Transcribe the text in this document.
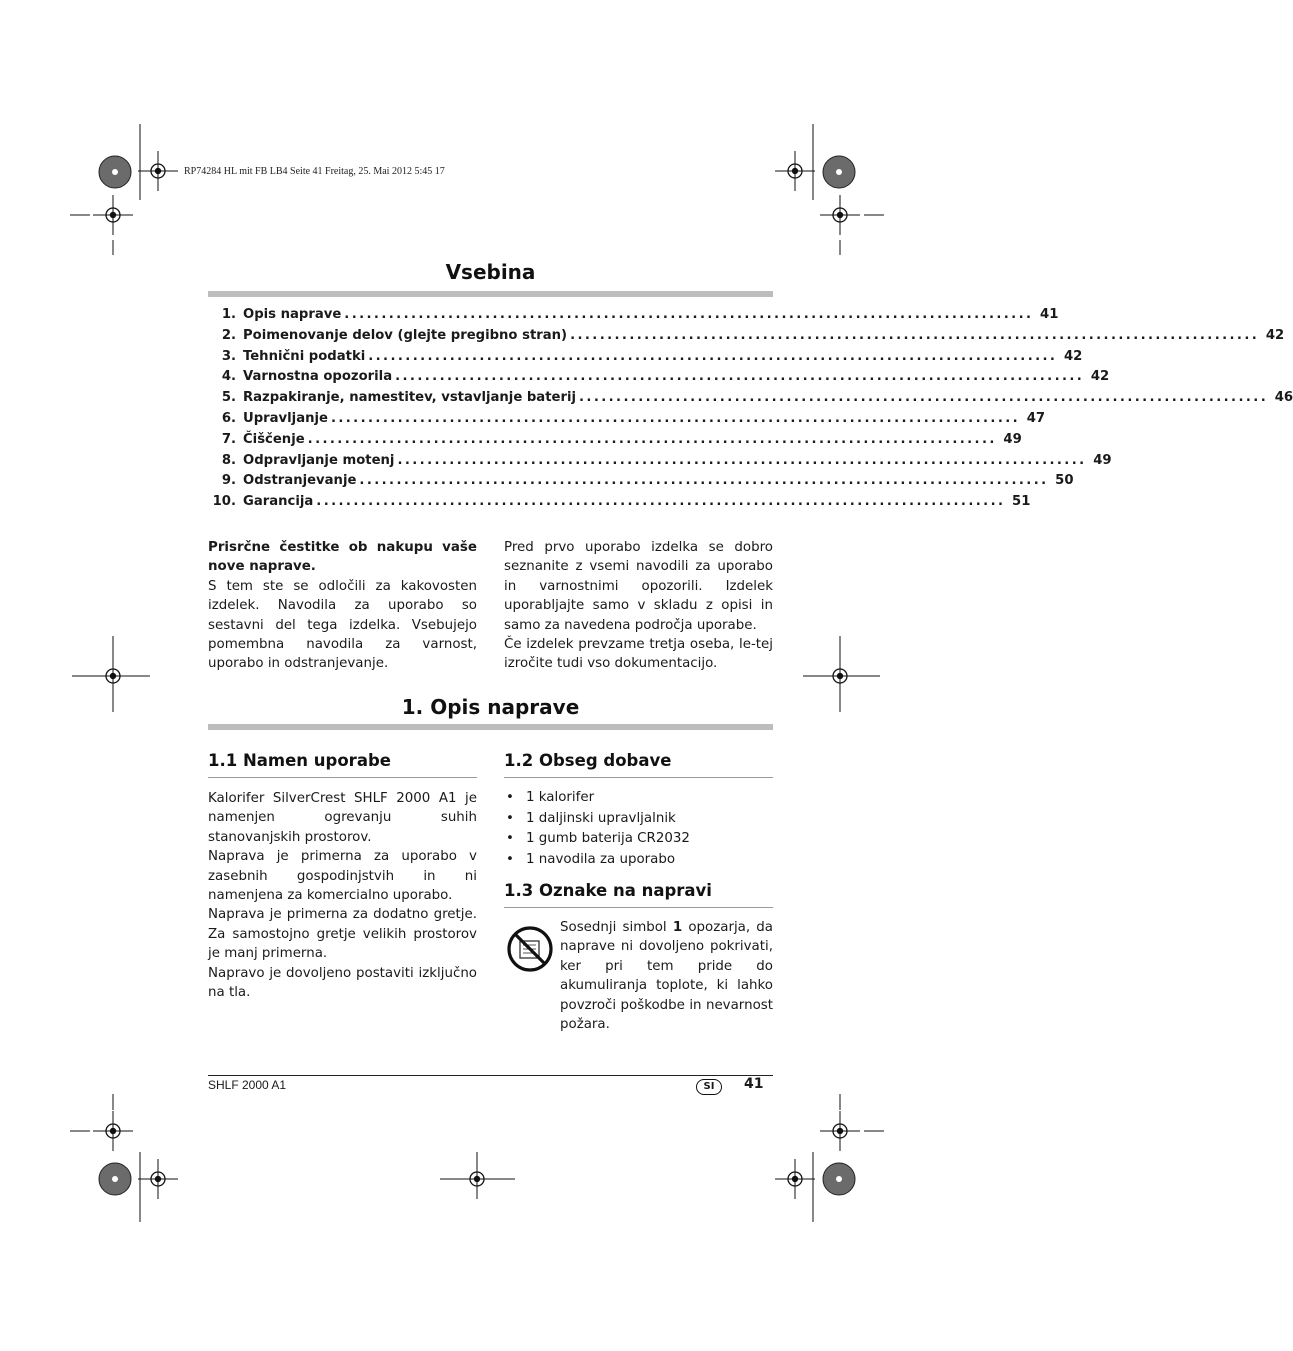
RP74284 HL mit FB LB4 Seite 41 Freitag, 25. Mai 2012 5:45 17
Vsebina
1. Opis naprave ............................................................................................. 41
2. Poimenovanje delov (glejte pregibno stran) ............................................................................................. 42
3. Tehnični podatki ............................................................................................. 42
4. Varnostna opozorila ............................................................................................. 42
5. Razpakiranje, namestitev, vstavljanje baterij ............................................................................................. 46
6. Upravljanje ............................................................................................. 47
7. Čiščenje ............................................................................................. 49
8. Odpravljanje motenj ............................................................................................. 49
9. Odstranjevanje ............................................................................................. 50
10. Garancija ............................................................................................. 51
Prisrčne čestitke ob nakupu vaše nove naprave.
S tem ste se odločili za kakovosten izdelek. Navodila za uporabo so sestavni del tega izdelka. Vsebujejo pomembna navodila za varnost, uporabo in odstranjevanje.
Pred prvo uporabo izdelka se dobro seznanite z vsemi navodili za uporabo in varnostnimi opozorili. Izdelek uporabljajte samo v skladu z opisi in samo za navedena področja uporabe.
Če izdelek prevzame tretja oseba, le-tej izročite tudi vso dokumentacijo.
1. Opis naprave
1.1 Namen uporabe
Kalorifer SilverCrest SHLF 2000 A1 je namenjen ogrevanju suhih stanovanjskih prostorov.
Naprava je primerna za uporabo v zasebnih gospodinjstvih in ni namenjena za komercialno uporabo.
Naprava je primerna za dodatno gretje. Za samostojno gretje velikih prostorov je manj primerna.
Napravo je dovoljeno postaviti izključno na tla.
1.2 Obseg dobave
• 1 kalorifer
• 1 daljinski upravljalnik
• 1 gumb baterija CR2032
• 1 navodila za uporabo
1.3 Oznake na napravi
Sosednji simbol 1 opozarja, da naprave ni dovoljeno pokrivati, ker pri tem pride do akumuliranja toplote, ki lahko povzroči poškodbe in nevarnost požara.
SHLF 2000 A1	SI	41
